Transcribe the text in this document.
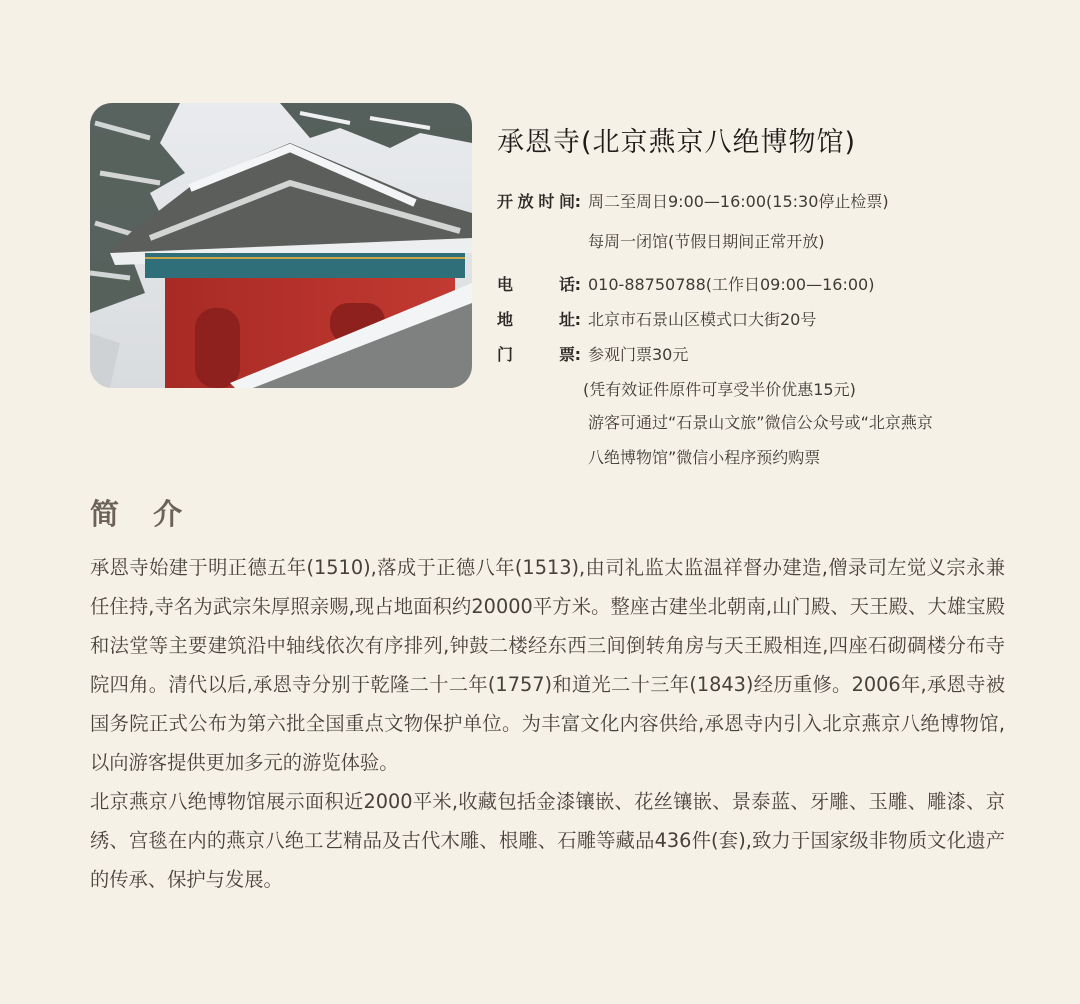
承恩寺(北京燕京八绝博物馆)
开 放 时 间 : 周二至周日9:00—16:00(15:30停止检票)
每周一闭馆(节假日期间正常开放)
电	话 : 010-88750788(工作日09:00—16:00)
地	址 : 北京市石景山区模式口大街20号
门	票 : 参观门票30元
(凭有效证件原件可享受半价优惠15元)
游客可通过“石景山文旅”微信公众号或“北京燕京
八绝博物馆”微信小程序预约购票
简 介

承恩寺始建于明正德五年(1510),落成于正德八年(1513),由司礼监太监温祥督办建造,僧录司左觉义宗永兼任住持,寺名为武宗朱厚照亲赐,现占地面积约20000平方米。整座古建坐北朝南,山门殿、天王殿、大雄宝殿和法堂等主要建筑沿中轴线依次有序排列,钟鼓二楼经东西三间倒转角房与天王殿相连,四座石砌碉楼分布寺院四角。清代以后,承恩寺分别于乾隆二十二年(1757)和道光二十三年(1843)经历重修。2006年,承恩寺被国务院正式公布为第六批全国重点文物保护单位。为丰富文化内容供给,承恩寺内引入北京燕京八绝博物馆,以向游客提供更加多元的游览体验。

北京燕京八绝博物馆展示面积近2000平米,收藏包括金漆镶嵌、花丝镶嵌、景泰蓝、牙雕、玉雕、雕漆、京绣、宫毯在内的燕京八绝工艺精品及古代木雕、根雕、石雕等藏品436件(套),致力于国家级非物质文化遗产的传承、保护与发展。
